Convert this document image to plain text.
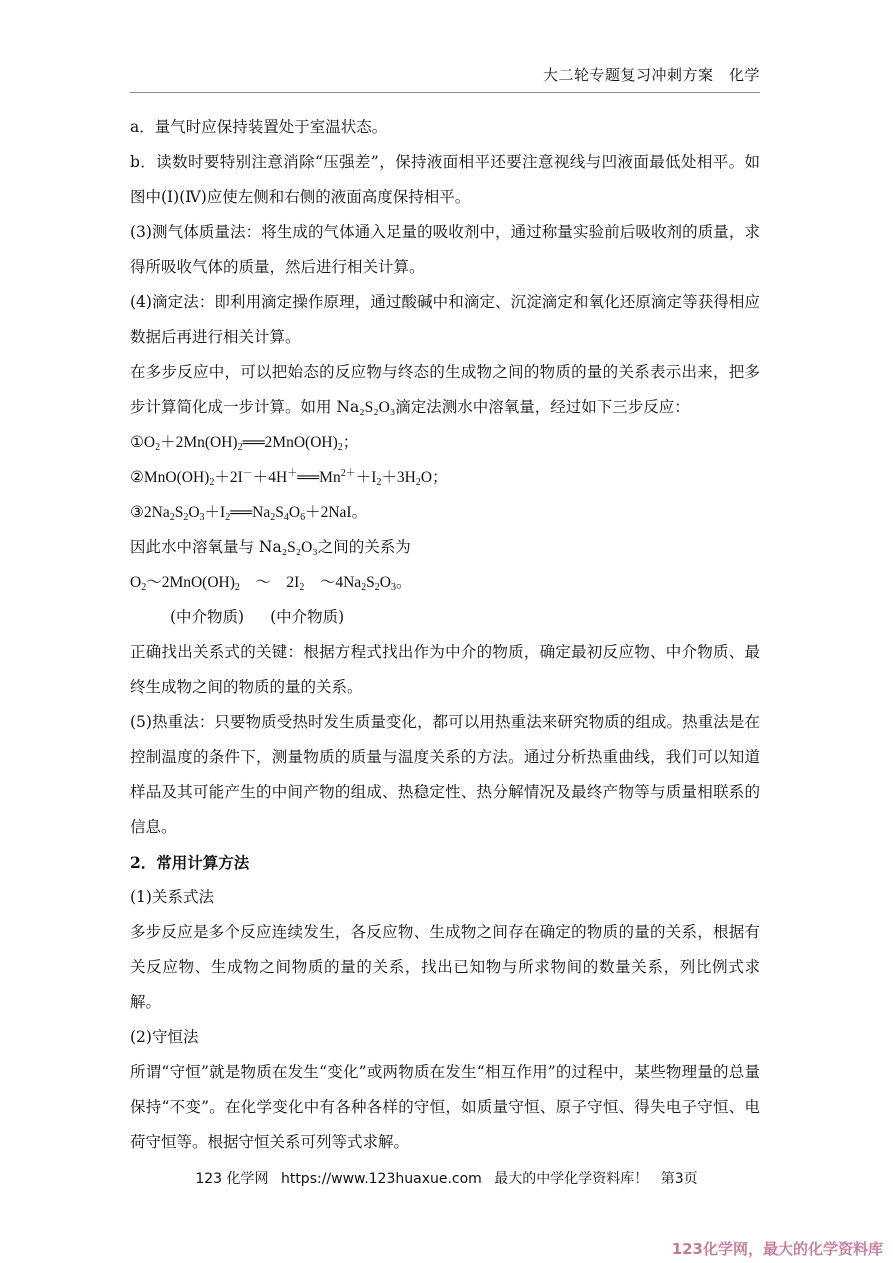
大二轮专题复习冲刺方案　化学

a．量气时应保持装置处于室温状态。

b．读数时要特别注意消除“压强差”，保持液面相平还要注意视线与凹液面最低处相平。如图中(Ⅰ)(Ⅳ)应使左侧和右侧的液面高度保持相平。

(3)测气体质量法：将生成的气体通入足量的吸收剂中，通过称量实验前后吸收剂的质量，求得所吸收气体的质量，然后进行相关计算。

(4)滴定法：即利用滴定操作原理，通过酸碱中和滴定、沉淀滴定和氧化还原滴定等获得相应数据后再进行相关计算。

在多步反应中，可以把始态的反应物与终态的生成物之间的物质的量的关系表示出来，把多步计算简化成一步计算。如用 Na₂S₂O₃滴定法测水中溶氧量，经过如下三步反应：

$①O_2+2Mn(OH)_2══2MnO(OH)_2$；

$②MnO(OH)_2+2I^-+4H^+══Mn^{2+}+I_2+3H_2O$；

$③2Na_2S_2O_3+I_2══Na_2S_4O_6+2NaI$。

因此水中溶氧量与 Na₂S₂O₃之间的关系为

$O_2\sim 2MnO(OH)_2$　～　$2I_2$　$\sim 4Na_2S_2O_3$。

(中介物质) (中介物质)

正确找出关系式的关键：根据方程式找出作为中介的物质，确定最初反应物、中介物质、最终生成物之间的物质的量的关系。

(5)热重法：只要物质受热时发生质量变化，都可以用热重法来研究物质的组成。热重法是在控制温度的条件下，测量物质的质量与温度关系的方法。通过分析热重曲线，我们可以知道样品及其可能产生的中间产物的组成、热稳定性、热分解情况及最终产物等与质量相联系的信息。

2．常用计算方法

(1)关系式法

多步反应是多个反应连续发生，各反应物、生成物之间存在确定的物质的量的关系，根据有关反应物、生成物之间物质的量的关系，找出已知物与所求物间的数量关系，列比例式求解。

(2)守恒法

所谓“守恒”就是物质在发生“变化”或两物质在发生“相互作用”的过程中，某些物理量的总量保持“不变”。在化学变化中有各种各样的守恒，如质量守恒、原子守恒、得失电子守恒、电荷守恒等。根据守恒关系可列等式求解。

123 化学网 https://www.123huaxue.com 最大的中学化学资料库！ 第3页
123化学网，最大的化学资料库
